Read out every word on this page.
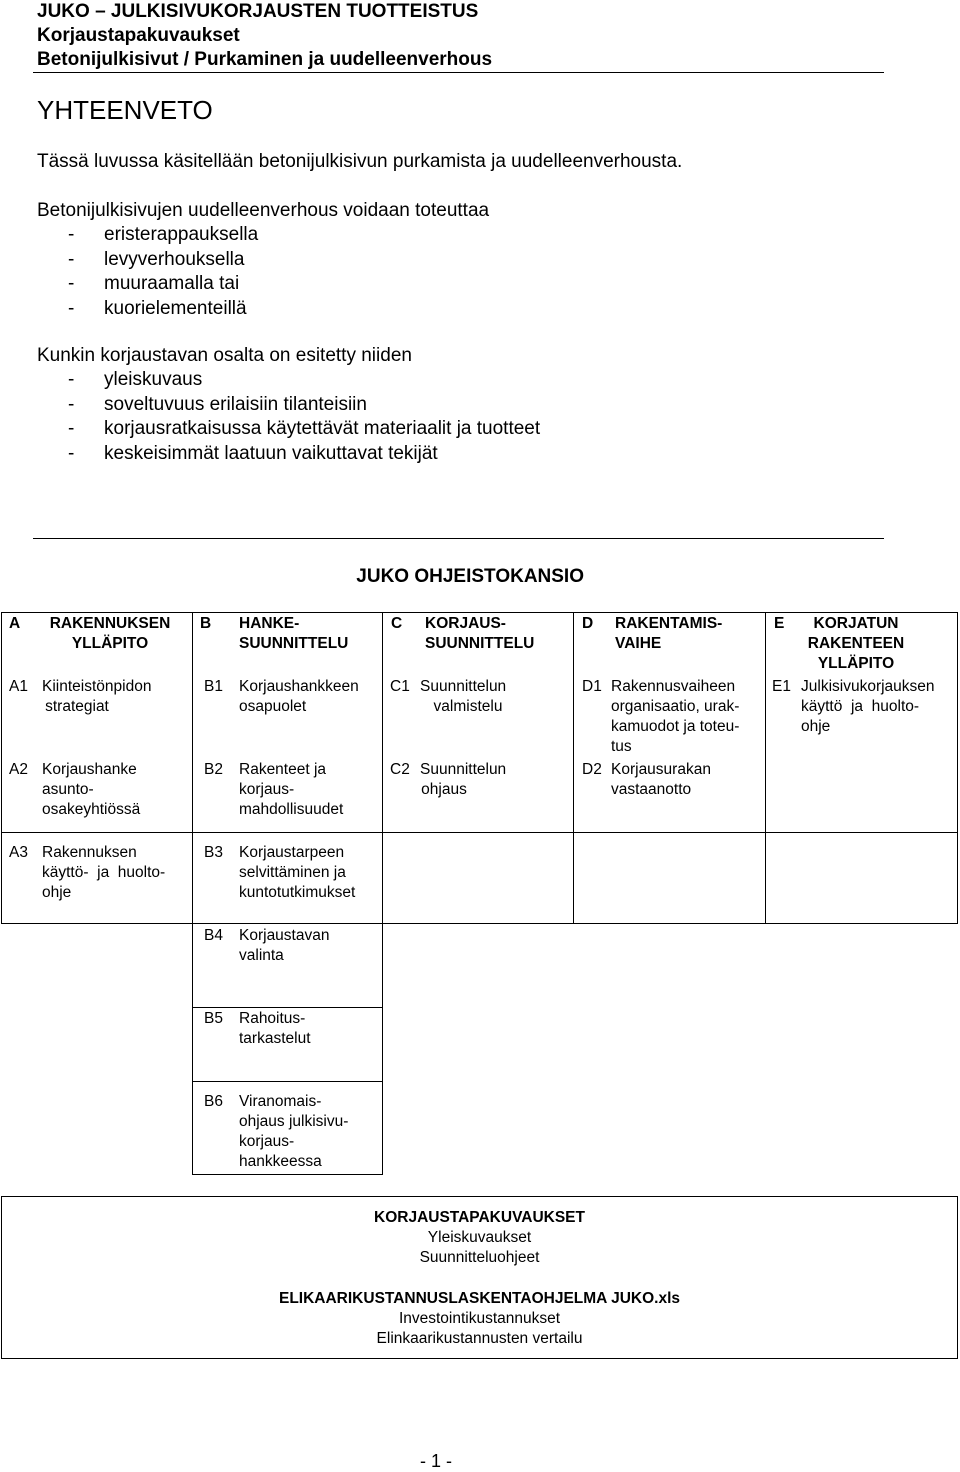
JUKO – JULKISIVUKORJAUSTEN TUOTTEISTUS
Korjaustapakuvaukset
Betonijulkisivut / Purkaminen ja uudelleenverhous
YHTEENVETO

Tässä luvussa käsitellään betonijulkisivun purkamista ja uudelleenverhousta.

Betonijulkisivujen uudelleenverhous voidaan toteuttaa

- eristerappauksella
- levyverhouksella
- muuraamalla tai
- kuorielementeillä

Kunkin korjaustavan osalta on esitetty niiden

- yleiskuvaus
- soveltuvuus erilaisiin tilanteisiin
- korjausratkaisussa käytettävät materiaalit ja tuotteet
- keskeisimmät laatuun vaikuttavat tekijät
JUKO OHJEISTOKANSIO
A	RAKENNUKSEN
YLLÄPITO
B HANKE-
SUUNNITTELU
C KORJAUS-
SUUNNITTELU
D RAKENTAMIS-
VAIHE
E	KORJATUN
RAKENTEEN
YLLÄPITO
A1 Kiinteistönpidon
strategiat
A2 Korjaushanke
asunto-
osakeyhtiössä
A3 Rakennuksen
käyttö-  ja  huolto-
ohje
B1 Korjaushankkeen
osapuolet
B2 Rakenteet ja
korjaus-
mahdollisuudet
B3 Korjaustarpeen
selvittäminen ja
kuntotutkimukset
B4 Korjaustavan
valinta
B5 Rahoitus-
tarkastelut
B6 Viranomais-
ohjaus julkisivu-
korjaus-
hankkeessa
C1 Suunnittelun
valmistelu
C2 Suunnittelun
ohjaus
D1 Rakennusvaiheen
organisaatio, urak-
kamuodot ja toteu-
tus
D2 Korjausurakan
vastaanotto
E1 Julkisivukorjauksen
käyttö  ja  huolto-
ohje
KORJAUSTAPAKUVAUKSET
Yleiskuvaukset
Suunnitteluohjeet
ELIKAARIKUSTANNUSLASKENTAOHJELMA JUKO.xls
Investointikustannukset
Elinkaarikustannusten vertailu
- 1 -
